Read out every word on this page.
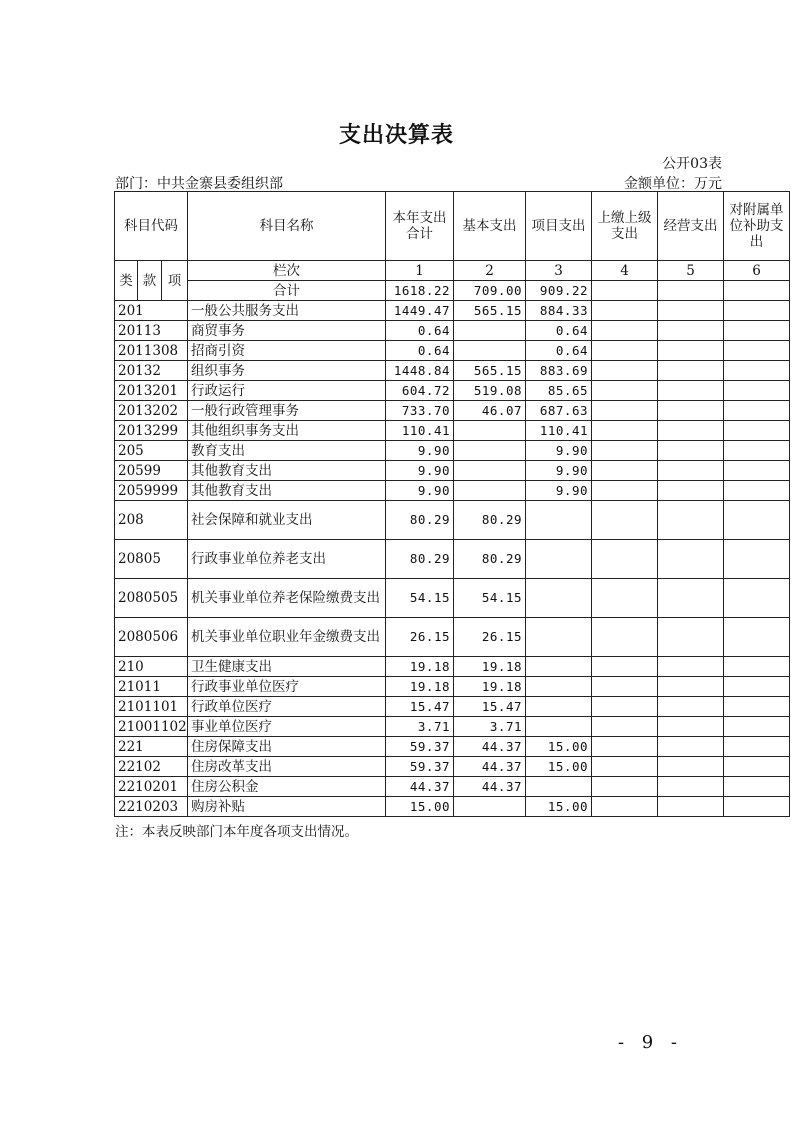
支出决算表
公开03表
部门：中共金寨县委组织部	金额单位：万元
科目代码			科目名称	本年支出合计	基本支出	项目支出	上缴上级支出	经营支出	对附属单位补助支出
类	款	项	栏次	1	2	3	4	5	6
			合计	1618.22	709.00	909.22			
201			一般公共服务支出	1449.47	565.15	884.33			
20113			商贸事务	0.64		0.64			
2011308			招商引资	0.64		0.64			
20132			组织事务	1448.84	565.15	883.69			
2013201			行政运行	604.72	519.08	85.65			
2013202			一般行政管理事务	733.70	46.07	687.63			
2013299			其他组织事务支出	110.41		110.41			
205			教育支出	9.90		9.90			
20599			其他教育支出	9.90		9.90			
2059999			其他教育支出	9.90		9.90			
208			社会保障和就业支出	80.29	80.29				
20805			行政事业单位养老支出	80.29	80.29				
2080505			机关事业单位养老保险缴费支出	54.15	54.15				
2080506			机关事业单位职业年金缴费支出	26.15	26.15				
210			卫生健康支出	19.18	19.18				
21011			行政事业单位医疗	19.18	19.18				
2101101			行政单位医疗	15.47	15.47				
21001102			事业单位医疗	3.71	3.71				
221			住房保障支出	59.37	44.37	15.00			
22102			住房改革支出	59.37	44.37	15.00			
2210201			住房公积金	44.37	44.37				
2210203			购房补贴	15.00		15.00			
注：本表反映部门本年度各项支出情况。
- 9 -
